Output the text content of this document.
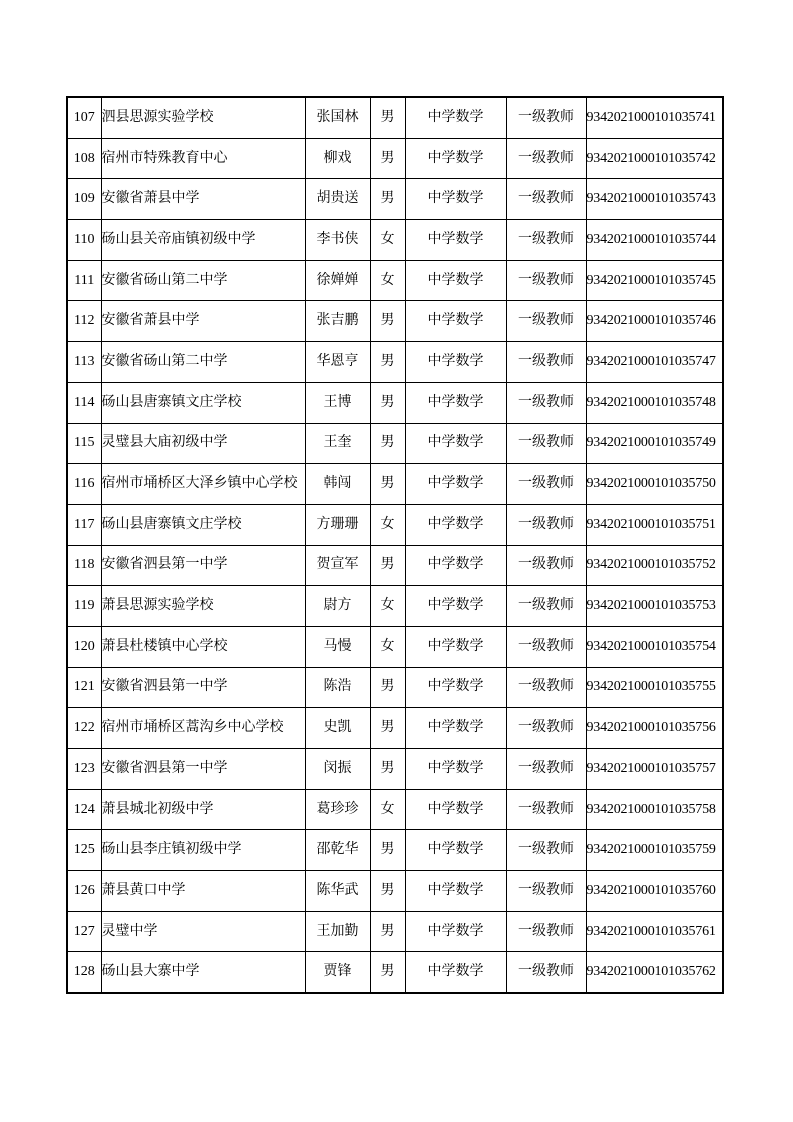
107	泗县思源实验学校	张国林	男	中学数学	一级教师	9342021000101035741
108	宿州市特殊教育中心	柳戏	男	中学数学	一级教师	9342021000101035742
109	安徽省萧县中学	胡贵送	男	中学数学	一级教师	9342021000101035743
110	砀山县关帝庙镇初级中学	李书侠	女	中学数学	一级教师	9342021000101035744
111	安徽省砀山第二中学	徐婵婵	女	中学数学	一级教师	9342021000101035745
112	安徽省萧县中学	张吉鹏	男	中学数学	一级教师	9342021000101035746
113	安徽省砀山第二中学	华恩亨	男	中学数学	一级教师	9342021000101035747
114	砀山县唐寨镇文庄学校	王博	男	中学数学	一级教师	9342021000101035748
115	灵璧县大庙初级中学	王奎	男	中学数学	一级教师	9342021000101035749
116	宿州市埇桥区大泽乡镇中心学校	韩闯	男	中学数学	一级教师	9342021000101035750
117	砀山县唐寨镇文庄学校	方珊珊	女	中学数学	一级教师	9342021000101035751
118	安徽省泗县第一中学	贺宣军	男	中学数学	一级教师	9342021000101035752
119	萧县思源实验学校	尉方	女	中学数学	一级教师	9342021000101035753
120	萧县杜楼镇中心学校	马慢	女	中学数学	一级教师	9342021000101035754
121	安徽省泗县第一中学	陈浩	男	中学数学	一级教师	9342021000101035755
122	宿州市埇桥区蒿沟乡中心学校	史凯	男	中学数学	一级教师	9342021000101035756
123	安徽省泗县第一中学	闵振	男	中学数学	一级教师	9342021000101035757
124	萧县城北初级中学	葛珍珍	女	中学数学	一级教师	9342021000101035758
125	砀山县李庄镇初级中学	邵乾华	男	中学数学	一级教师	9342021000101035759
126	萧县黄口中学	陈华武	男	中学数学	一级教师	9342021000101035760
127	灵璧中学	王加勤	男	中学数学	一级教师	9342021000101035761
128	砀山县大寨中学	贾锋	男	中学数学	一级教师	9342021000101035762
